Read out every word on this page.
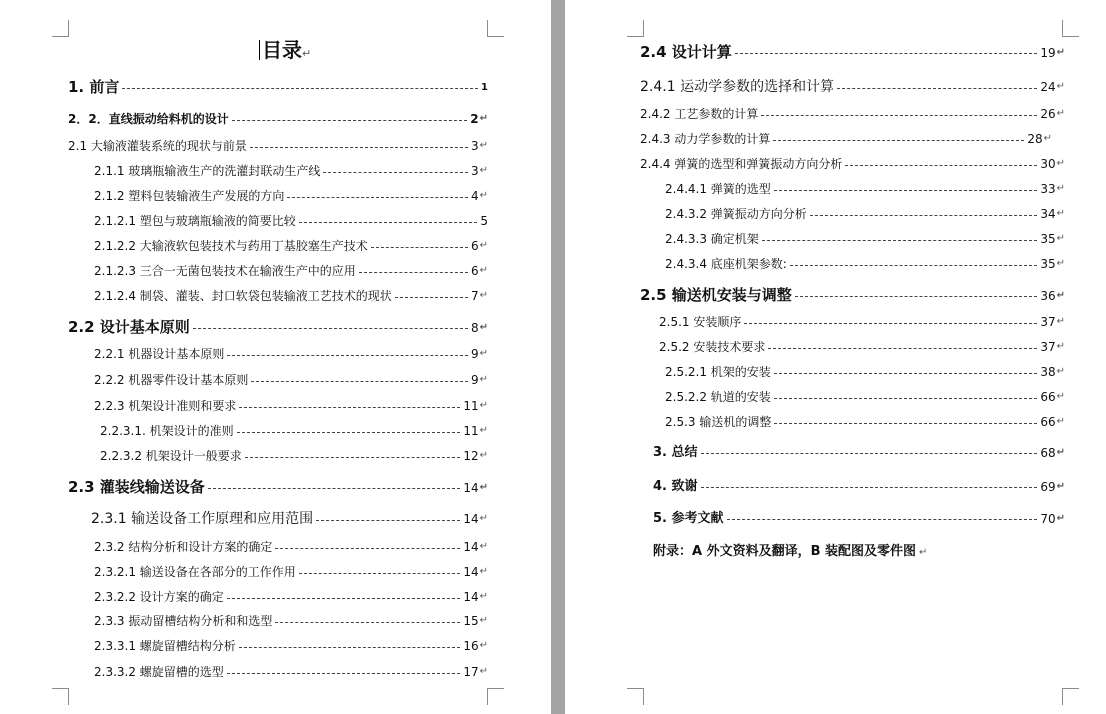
目录↵
1. 前言	1
2．2．直线振动给料机的设计	2 ↵
2.1 大输液灌装系统的现状与前景	3 ↵
2.1.1 玻璃瓶输液生产的洗灌封联动生产线	3 ↵
2.1.2 塑料包装输液生产发展的方向	4 ↵
2.1.2.1 塑包与玻璃瓶输液的简要比较	5
2.1.2.2 大输液软包装技术与药用丁基胶塞生产技术	6 ↵
2.1.2.3 三合一无菌包装技术在输液生产中的应用	6 ↵
2.1.2.4 制袋、灌装、封口软袋包装输液工艺技术的现状	7 ↵
2.2 设计基本原则	8 ↵
2.2.1 机器设计基本原则	9 ↵
2.2.2 机器零件设计基本原则	9 ↵
2.2.3 机架设计准则和要求	11 ↵
2.2.3.1. 机架设计的准则	11 ↵
2.2.3.2 机架设计一般要求	12 ↵
2.3 灌装线输送设备	14 ↵
2.3.1 输送设备工作原理和应用范围	14 ↵
2.3.2 结构分析和设计方案的确定	14 ↵
2.3.2.1 输送设备在各部分的工作作用	14 ↵
2.3.2.2 设计方案的确定	14 ↵
2.3.3 振动留槽结构分析和和选型	15 ↵
2.3.3.1 螺旋留槽结构分析	16 ↵
2.3.3.2 螺旋留槽的选型	17 ↵
2.4 设计计算	19 ↵
2.4.1 运动学参数的选择和计算	24 ↵
2.4.2 工艺参数的计算	26 ↵
2.4.3 动力学参数的计算	28 ↵
2.4.4 弹簧的选型和弹簧振动方向分析	30 ↵
2.4.4.1 弹簧的选型	33 ↵
2.4.3.2 弹簧振动方向分析	34 ↵
2.4.3.3 确定机架	35 ↵
2.4.3.4 底座机架参数:	35 ↵
2.5 输送机安装与调整	36 ↵
2.5.1 安装顺序	37 ↵
2.5.2 安装技术要求	37 ↵
2.5.2.1 机架的安装	38 ↵
2.5.2.2 轨道的安装	66 ↵
2.5.3 输送机的调整	66 ↵
3. 总结	68 ↵
4. 致谢	69 ↵
5. 参考文献	70 ↵
附录：A 外文资料及翻译，B 装配图及零件图 ↵
